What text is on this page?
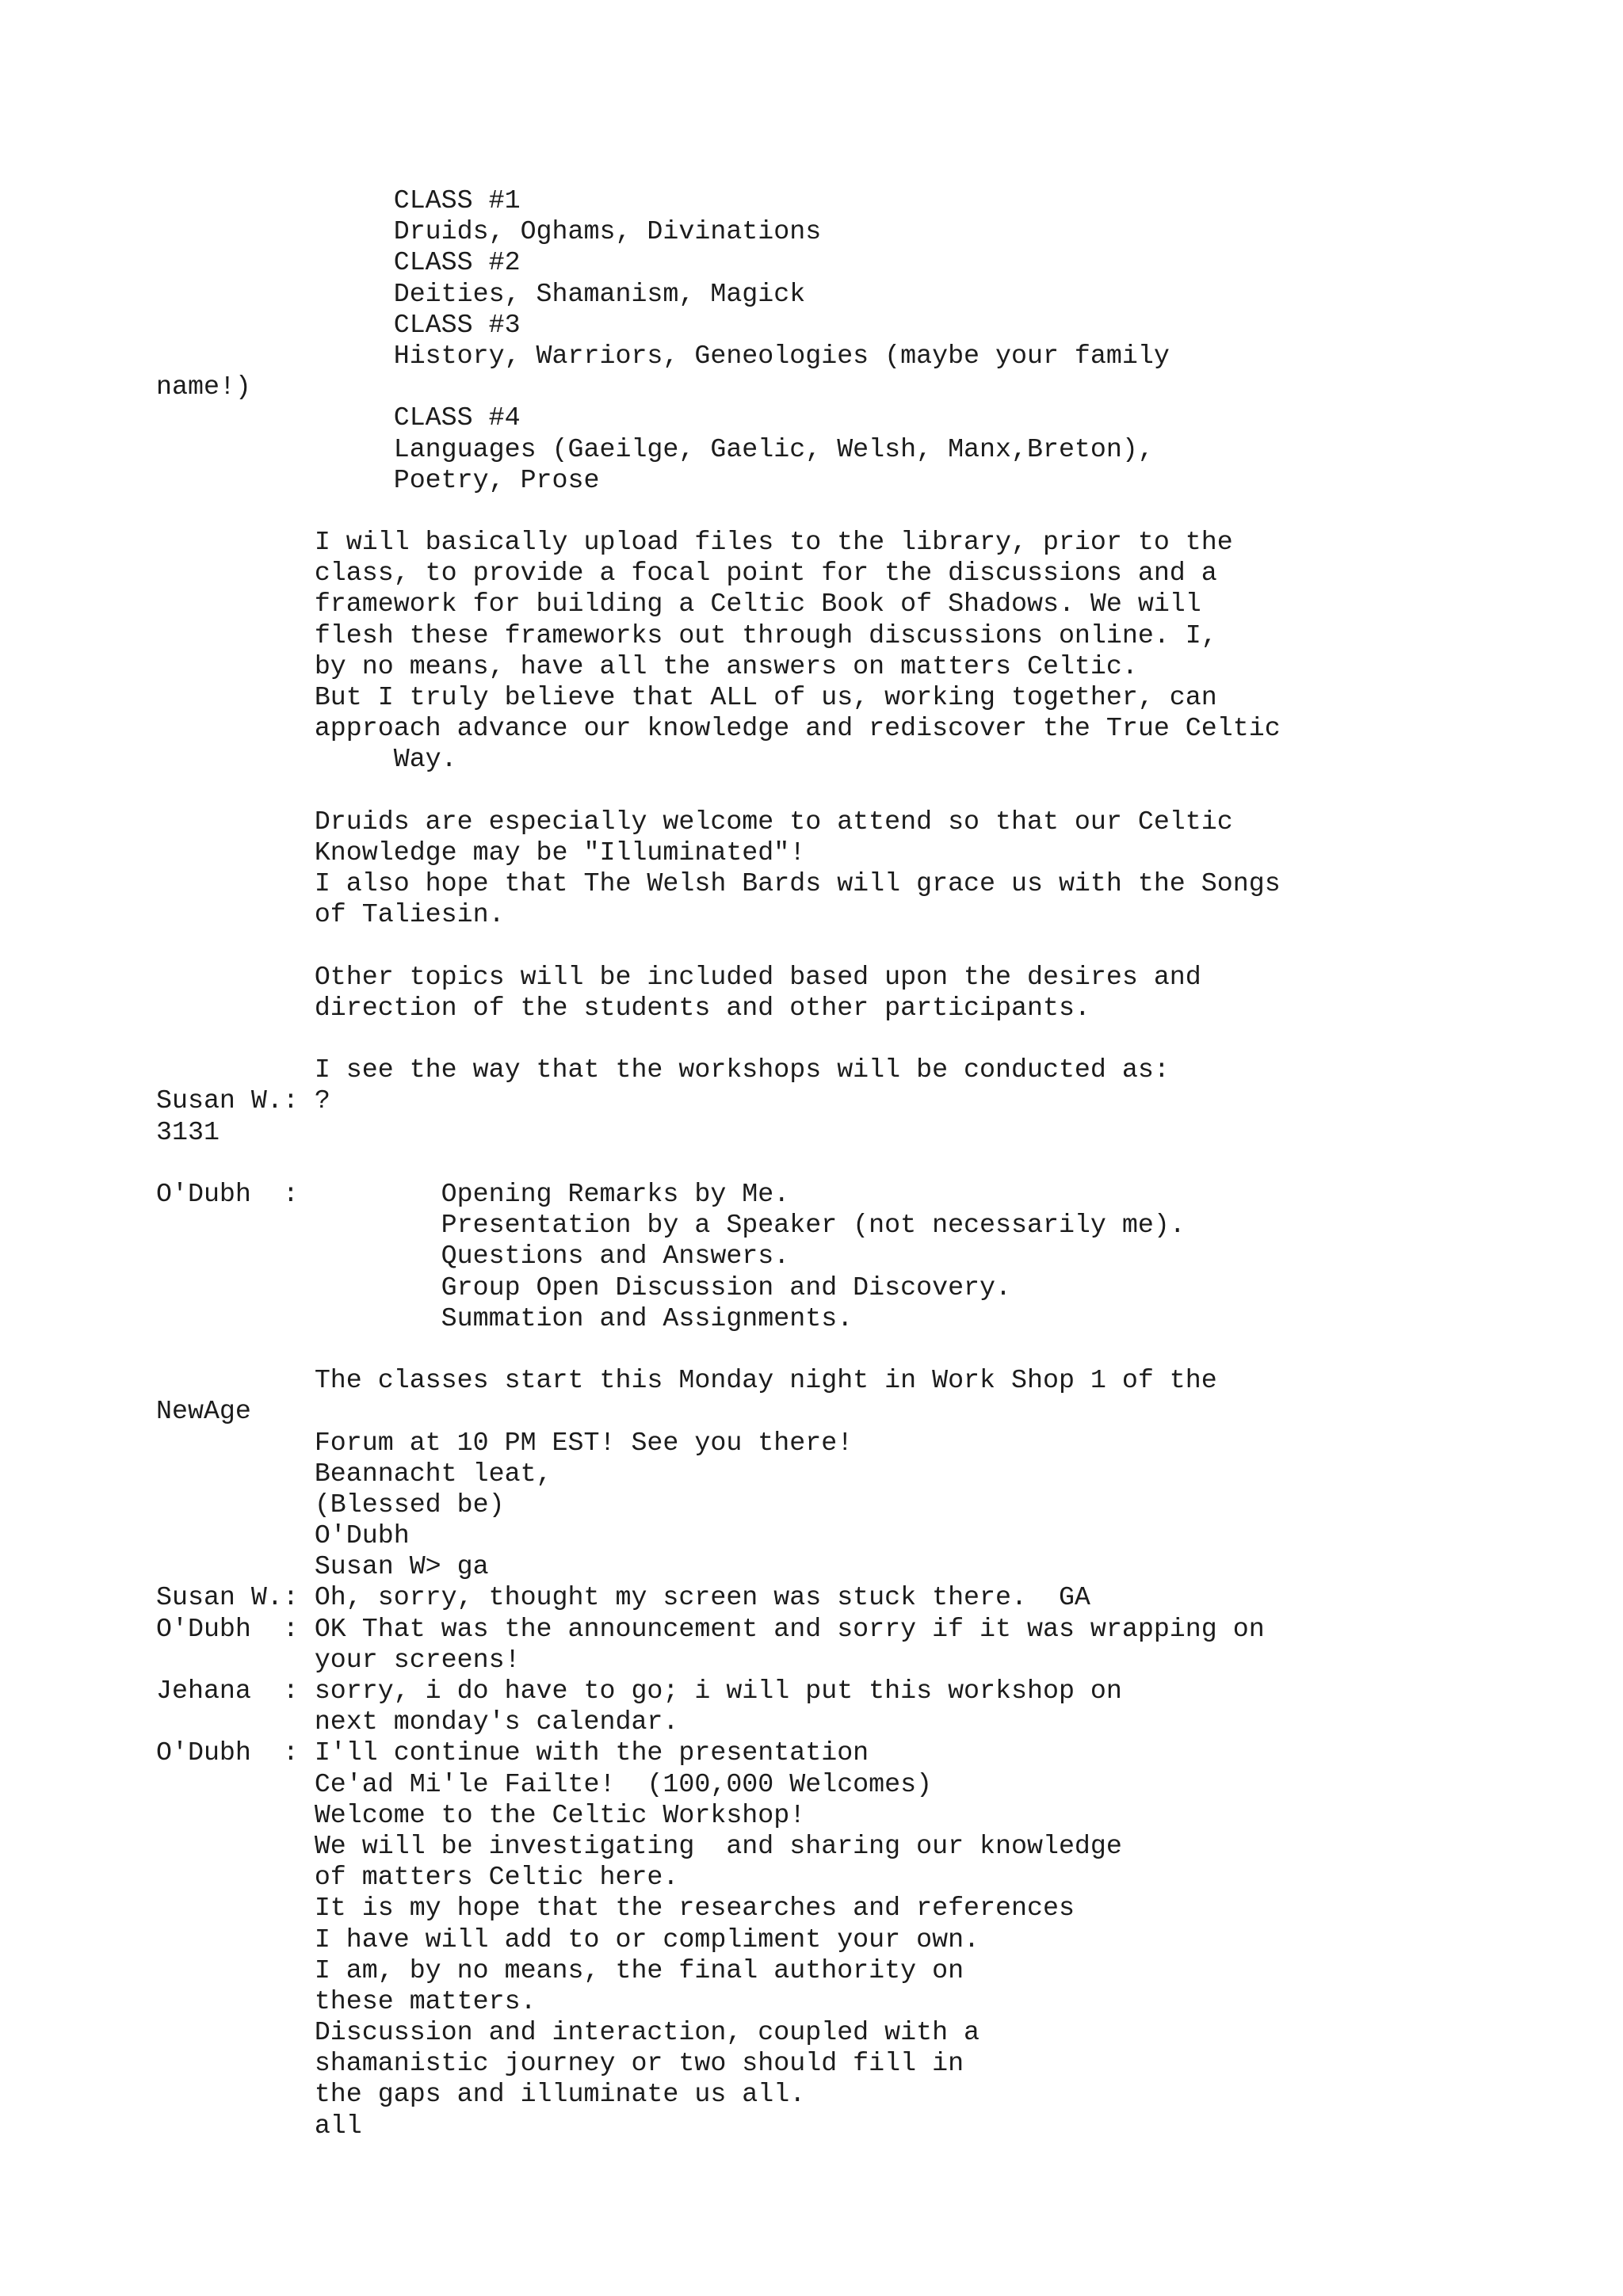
CLASS #1
Druids, Oghams, Divinations
CLASS #2
Deities, Shamanism, Magick
CLASS #3
History, Warriors, Geneologies (maybe your family
name!)
CLASS #4
Languages (Gaeilge, Gaelic, Welsh, Manx,Breton),
Poetry, Prose
I will basically upload files to the library, prior to the
class, to provide a focal point for the discussions and a
framework for building a Celtic Book of Shadows. We will
flesh these frameworks out through discussions online. I,
by no means, have all the answers on matters Celtic.
But I truly believe that ALL of us, working together, can
approach advance our knowledge and rediscover the True Celtic
Way.
Druids are especially welcome to attend so that our Celtic
Knowledge may be "Illuminated"!
I also hope that The Welsh Bards will grace us with the Songs
of Taliesin.
Other topics will be included based upon the desires and
direction of the students and other participants.
I see the way that the workshops will be conducted as:
Susan W.: ?
3131
O'Dubh  :         Opening Remarks by Me.
Presentation by a Speaker (not necessarily me).
Questions and Answers.
Group Open Discussion and Discovery.
Summation and Assignments.
The classes start this Monday night in Work Shop 1 of the
NewAge
Forum at 10 PM EST! See you there!
Beannacht leat,
(Blessed be)
O'Dubh
Susan W> ga
Susan W.: Oh, sorry, thought my screen was stuck there.  GA
O'Dubh  : OK That was the announcement and sorry if it was wrapping on
your screens!
Jehana  : sorry, i do have to go; i will put this workshop on
next monday's calendar.
O'Dubh  : I'll continue with the presentation
Ce'ad Mi'le Failte!  (100,000 Welcomes)
Welcome to the Celtic Workshop!
We will be investigating  and sharing our knowledge
of matters Celtic here.
It is my hope that the researches and references
I have will add to or compliment your own.
I am, by no means, the final authority on
these matters.
Discussion and interaction, coupled with a
shamanistic journey or two should fill in
the gaps and illuminate us all.
all
